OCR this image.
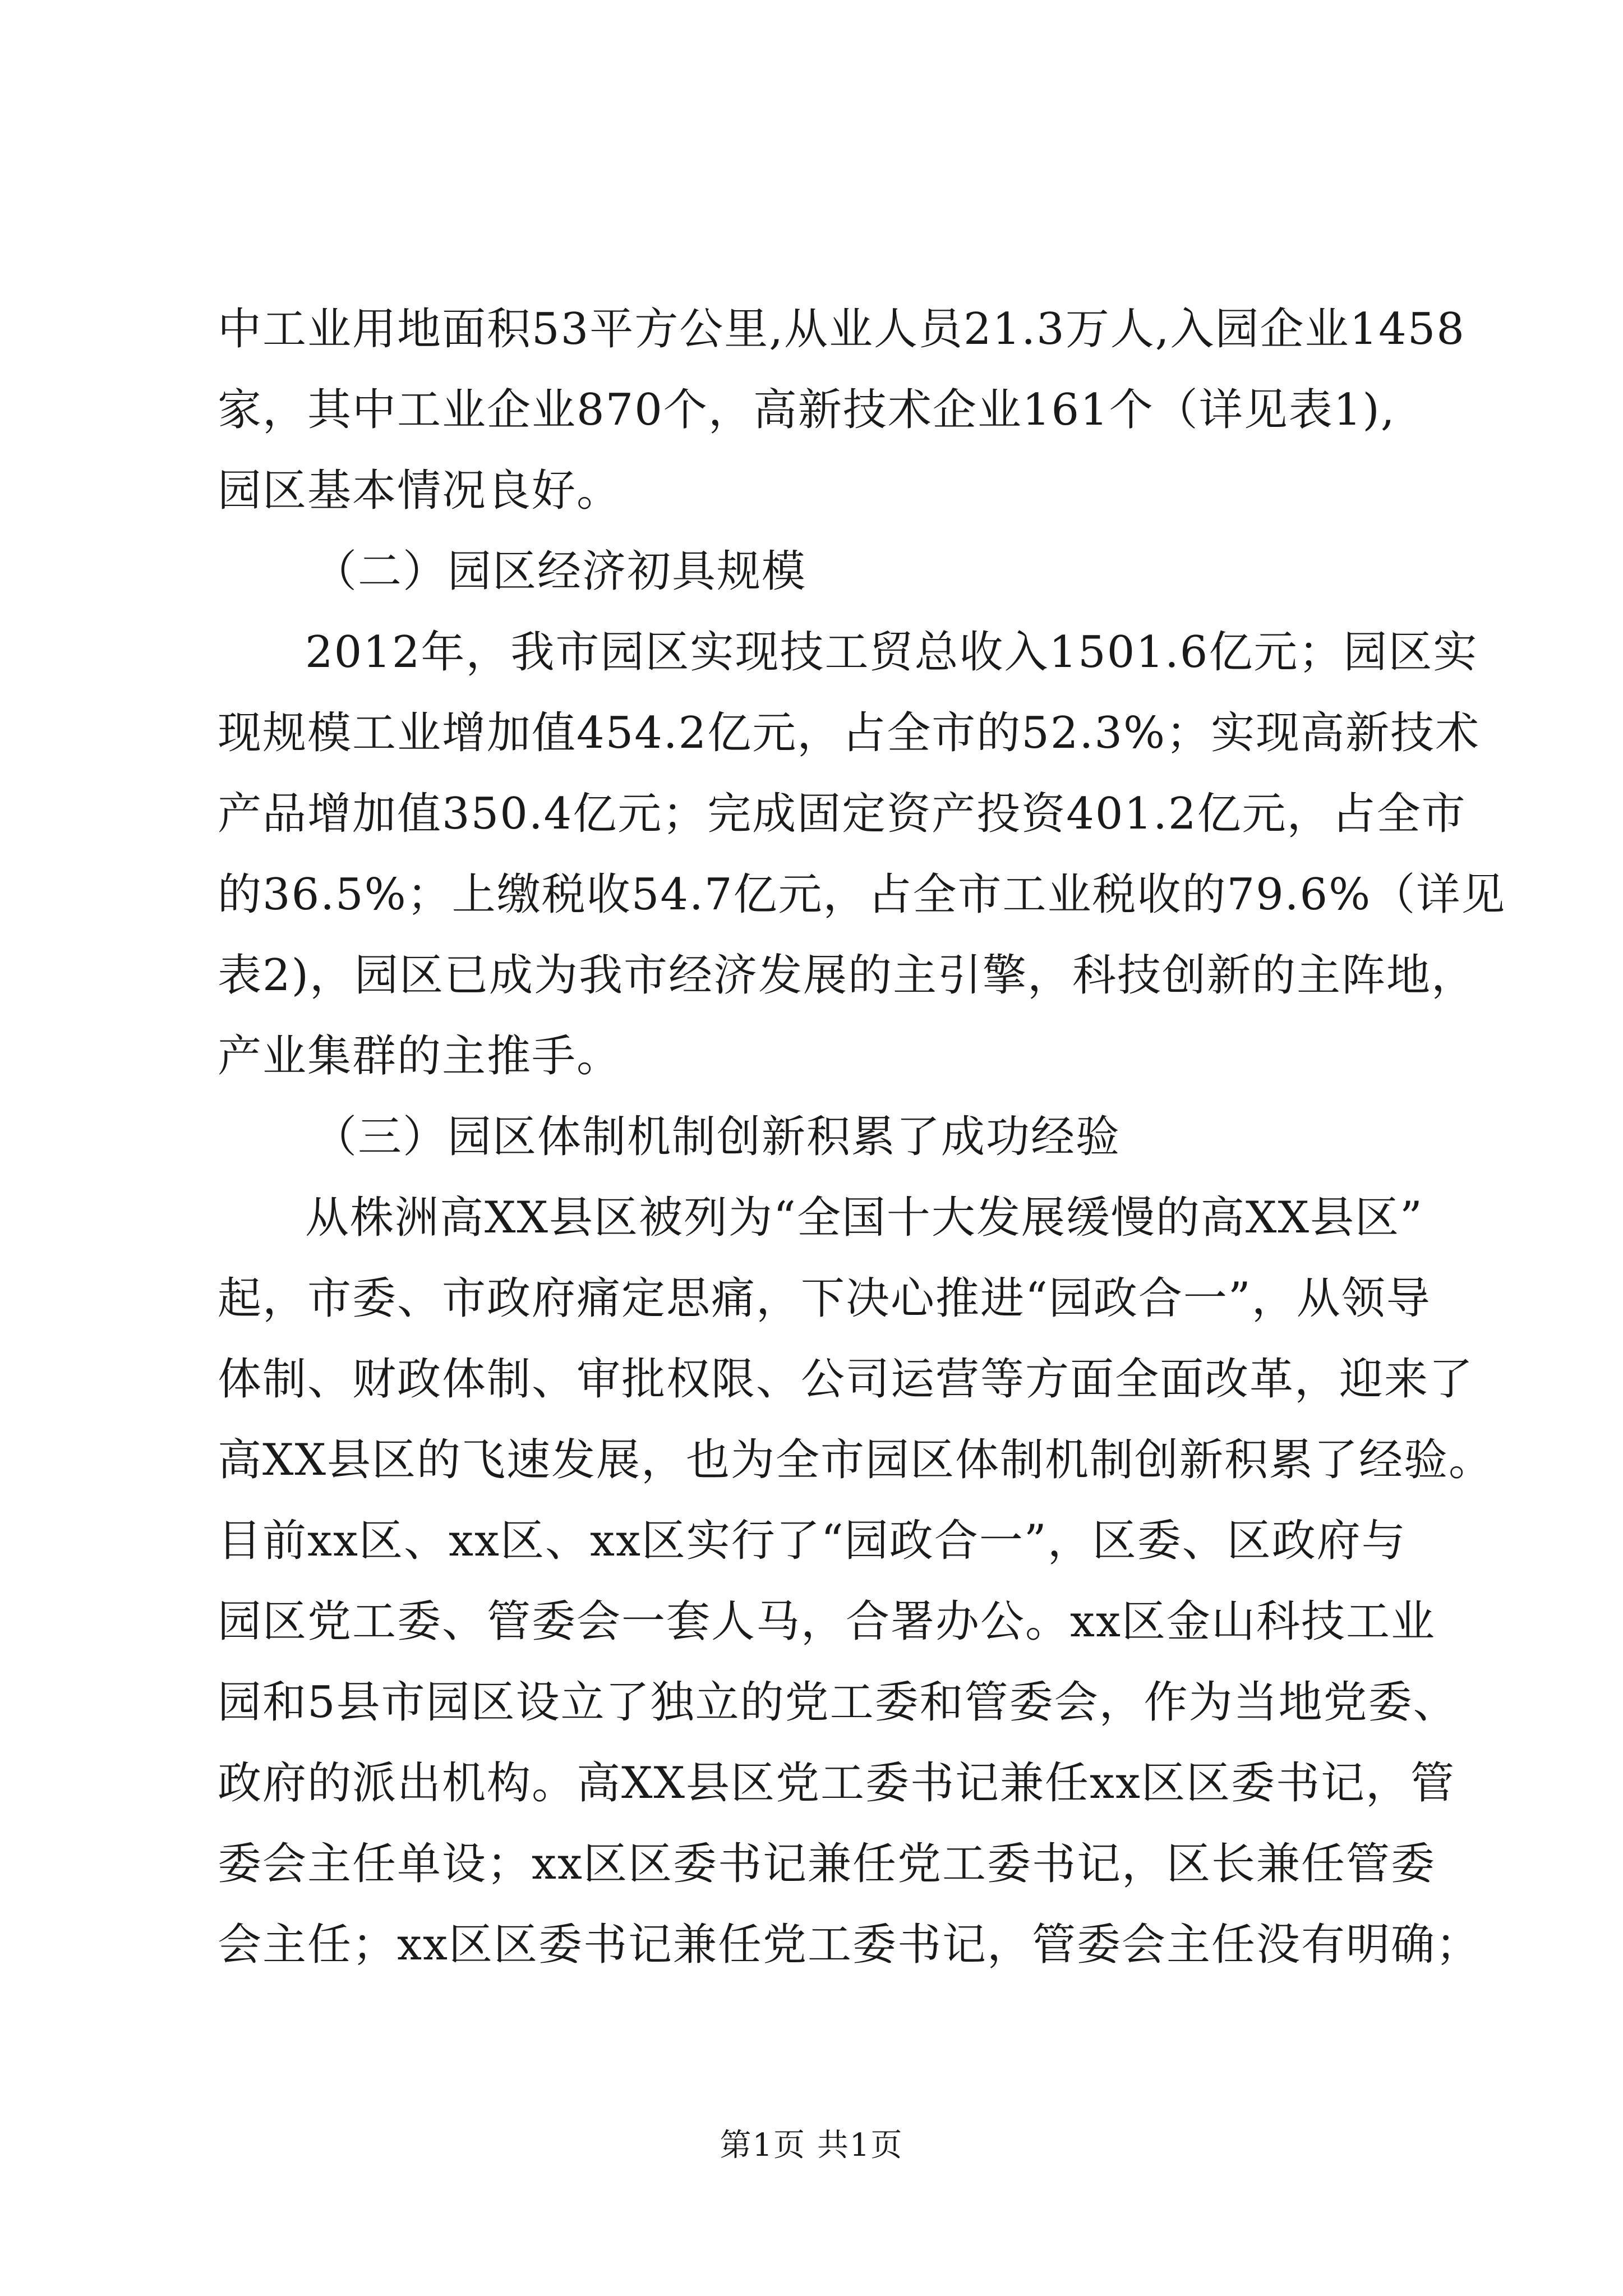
中工业用地面积53平方公里,从业人员21.3万人,入园企业1458
家，其中工业企业870个，高新技术企业161个（详见表1),
园区基本情况良好。
（二）园区经济初具规模
2012年，我市园区实现技工贸总收入1501.6亿元；园区实
现规模工业增加值454.2亿元，占全市的52.3%；实现高新技术
产品增加值350.4亿元；完成固定资产投资401.2亿元，占全市
的36.5%；上缴税收54.7亿元，占全市工业税收的79.6%（详见
表2)，园区已成为我市经济发展的主引擎，科技创新的主阵地，
产业集群的主推手。
（三）园区体制机制创新积累了成功经验
从株洲高XX县区被列为“全国十大发展缓慢的高XX县区”
起，市委、市政府痛定思痛，下决心推进“园政合一”，从领导
体制、财政体制、审批权限、公司运营等方面全面改革，迎来了
高XX县区的飞速发展，也为全市园区体制机制创新积累了经验。
目前xx区、xx区、xx区实行了“园政合一”，区委、区政府与
园区党工委、管委会一套人马，合署办公。xx区金山科技工业
园和5县市园区设立了独立的党工委和管委会，作为当地党委、
政府的派出机构。高XX县区党工委书记兼任xx区区委书记，管
委会主任单设；xx区区委书记兼任党工委书记，区长兼任管委
会主任；xx区区委书记兼任党工委书记，管委会主任没有明确；
第1页 共1页
